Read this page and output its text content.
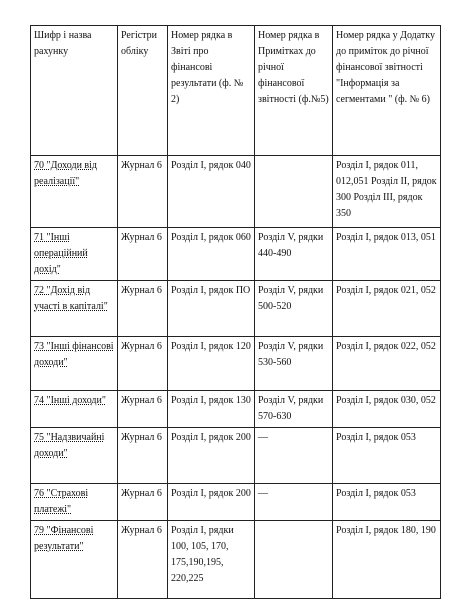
Шифр і назва рахунку	Регістри обліку	Номер рядка в Звіті про фінансові результати (ф. № 2)	Номер рядка в Примітках до річної фінансової звітності (ф.№5)	Номер рядка у Додатку до приміток до річної фінансової звітності "Інформація за сегментами " (ф. № 6)
70 "Доходи від реалізації"	Журнал 6	Розділ І, рядок 040		Розділ І, рядок 011, 012,051 Розділ II, рядок 300 Розділ III, рядок 350
71 "Інші операційний дохід"	Журнал 6	Розділ І, рядок 060	Розділ V, рядки 440-490	Розділ І, рядок 013, 051
72 "Дохід від участі в капіталі"	Журнал 6	Розділ І, рядок ПО	Розділ V, рядки 500-520	Розділ І, рядок 021, 052
73 "Інші фінансові доходи"	Журнал 6	Розділ І, рядок 120	Розділ V, рядки 530-560	Розділ І, рядок 022, 052
74 "Інші доходи"	Журнал 6	Розділ І, рядок 130	Розділ V, рядки 570-630	Розділ І, рядок 030, 052
75 "Надзвичайні доходи"	Журнал 6	Розділ І, рядок 200	—	Розділ І, рядок 053
76 "Страхові платежі"	Журнал 6	Розділ І, рядок 200	—	Розділ І, рядок 053
79 "Фінансові результати"	Журнал 6	Розділ І, рядки 100, 105, 170, 175,190,195, 220,225		Розділ І, рядок 180, 190
